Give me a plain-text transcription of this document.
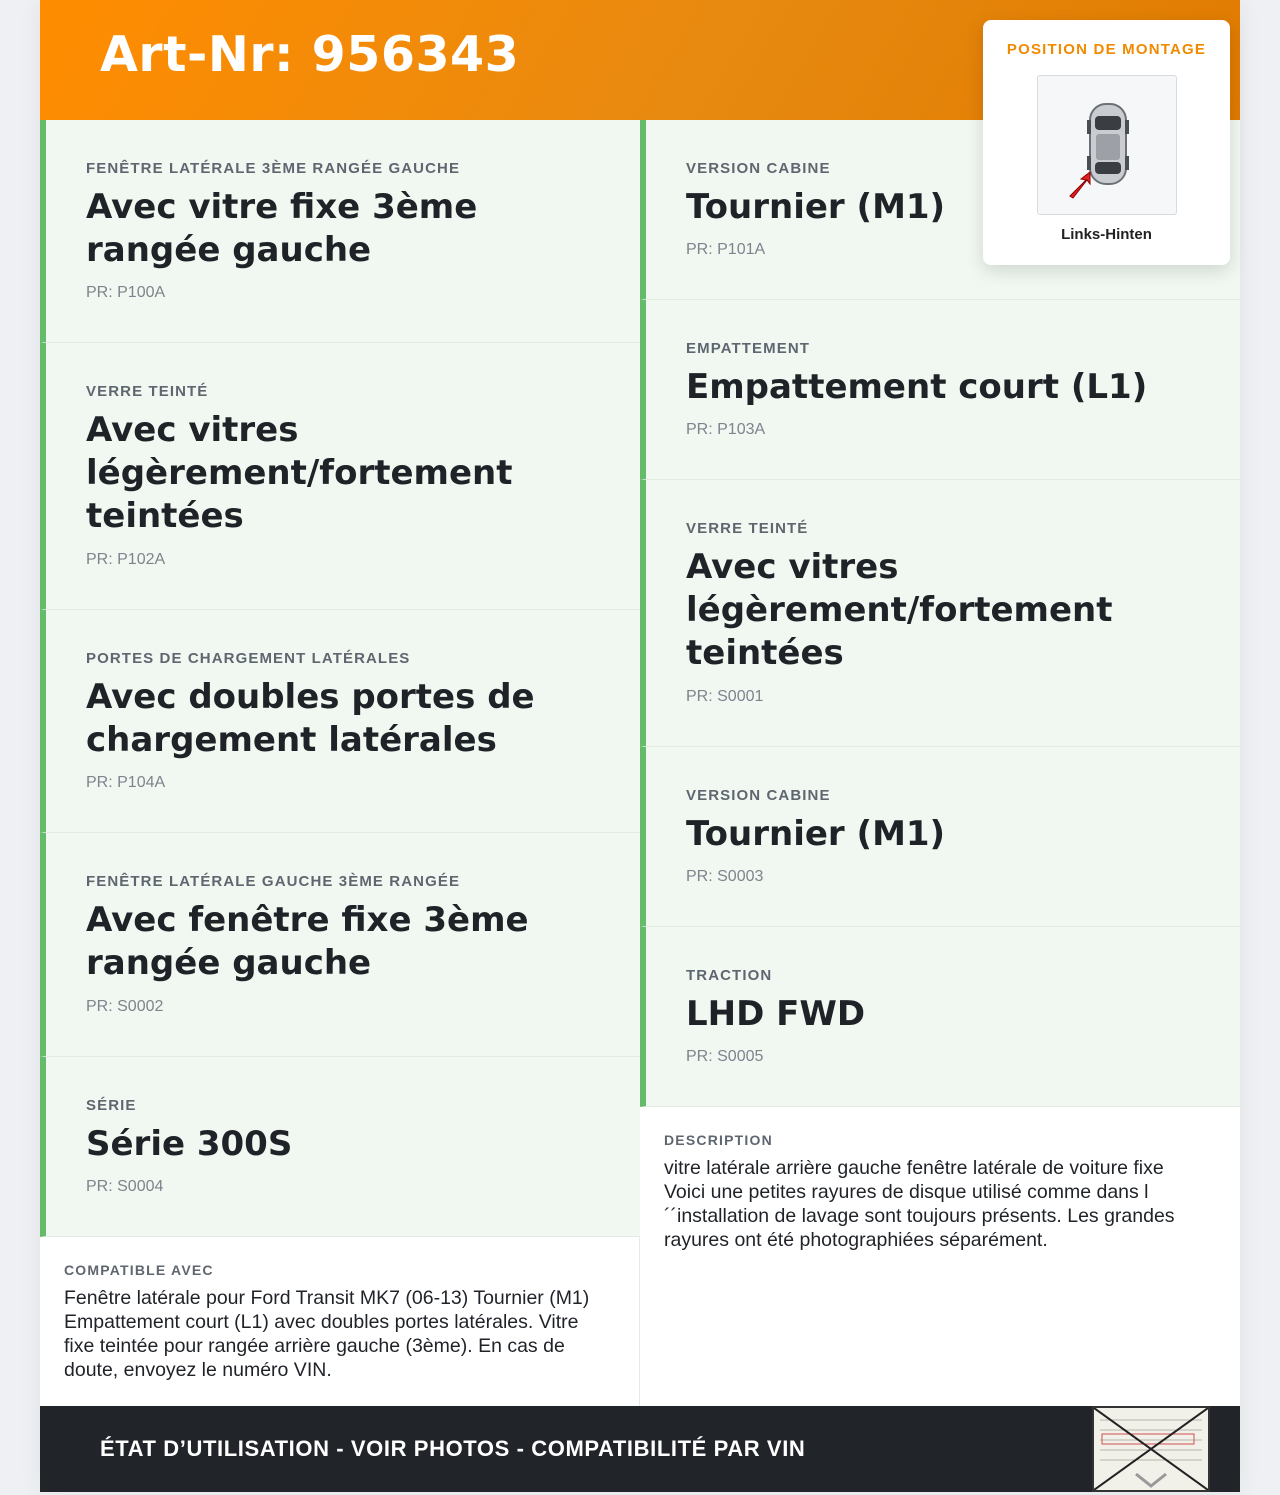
Art-Nr: 956343	POSITION DE MONTAGE
Links-Hinten
FENÊTRE LATÉRALE 3ÈME RANGÉE GAUCHE
Avec vitre fixe 3ème rangée gauche
PR: P100A
VERRE TEINTÉ
Avec vitres légèrement/fortement teintées
PR: P102A
PORTES DE CHARGEMENT LATÉRALES
Avec doubles portes de chargement latérales
PR: P104A
FENÊTRE LATÉRALE GAUCHE 3ÈME RANGÉE
Avec fenêtre fixe 3ème rangée gauche
PR: S0002
SÉRIE
Série 300S
PR: S0004
VERSION CABINE
Tournier (M1)
PR: P101A
EMPATTEMENT
Empattement court (L1)
PR: P103A
VERRE TEINTÉ
Avec vitres légèrement/fortement teintées
PR: S0001
VERSION CABINE
Tournier (M1)
PR: S0003
TRACTION
LHD FWD
PR: S0005
COMPATIBLE AVEC
Fenêtre latérale pour Ford Transit MK7 (06-13) Tournier (M1) Empattement court (L1) avec doubles portes latérales. Vitre fixe teintée pour rangée arrière gauche (3ème). En cas de doute, envoyez le numéro VIN.
DESCRIPTION
vitre latérale arrière gauche fenêtre latérale de voiture fixe Voici une petites rayures de disque utilisé comme dans l´´installation de lavage sont toujours présents. Les grandes rayures ont été photographiées séparément.
ÉTAT D’UTILISATION - VOIR PHOTOS - COMPATIBILITÉ PAR VIN
